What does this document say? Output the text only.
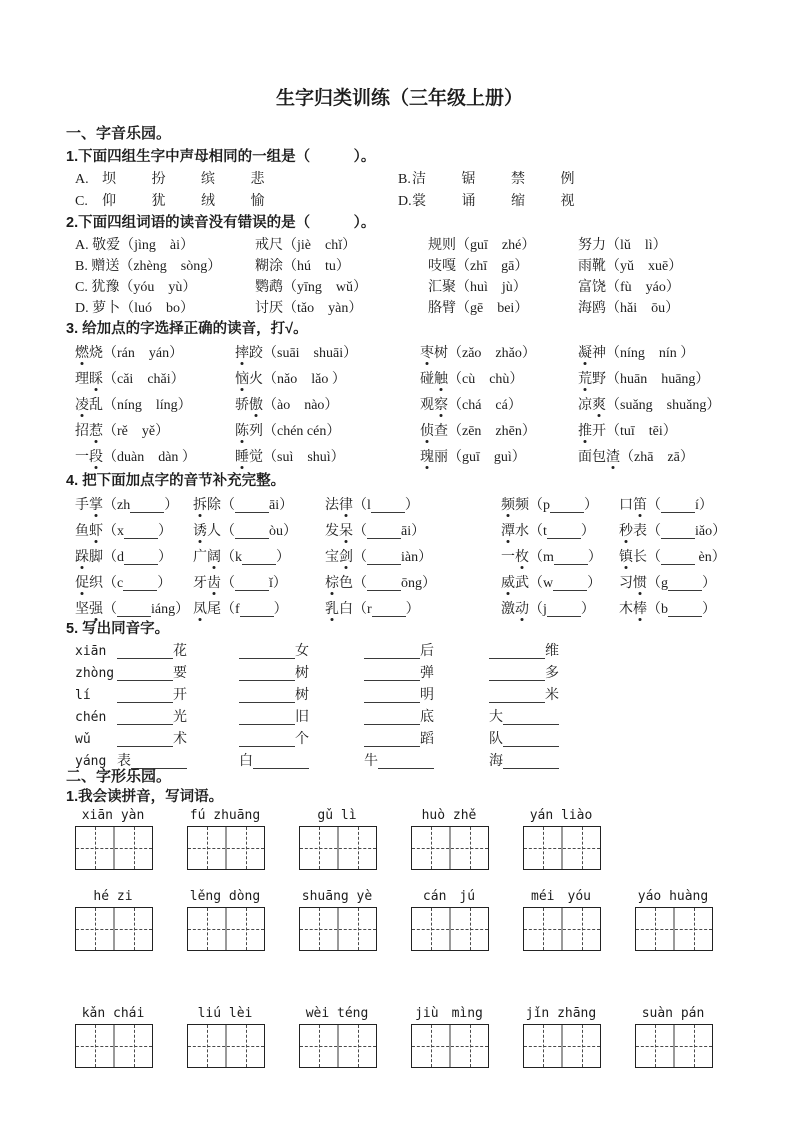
生字归类训练（三年级上册）
一、字音乐园。
1.下面四组生字中声母相同的一组是（　　　）。
A. 坝 扮 缤 悲	B. 洁 锯 禁 例
C.	仰 犹 绒 愉	D. 裳 诵 缩 视
2.下面四组词语的读音没有错误的是（　　　）。
A. 敬爱（jìng　ài）	戒尺（jiè　chǐ）	规则（guī　zhé）	努力（lǔ　lì）
B. 赠送（zhèng　sòng）	糊涂（hú　tu）	吱嘎（zhī　gā）	雨靴（yǔ　xuē）
C. 犹豫（yóu　yù）	鹦鹉（yīng　wǔ）	汇聚（huì　jù）	富饶（fù　yáo）
D. 萝卜（luó　bo）	讨厌（tǎo　yàn）	胳臂（gē　bei）	海鸥（hǎi　ōu）
3. 给加点的字选择正确的读音，打√。
燃烧（rán　yán）	摔跤（suāi　shuāi）	枣树（zǎo　zhǎo）	凝神（níng　nín ）
理睬（cǎi　chǎi）	恼火（nǎo　lǎo ）	碰触（cù　chù）	荒野（huān　huāng）
凌乱（níng　líng）	骄傲（ào　nào）	观察（chá　cá）	凉爽（suǎng　shuǎng）
招惹（rě　yě）	陈列（chén cén）	侦查（zēn　zhēn）	推开（tuī　tēi）
一段（duàn　dàn ）	睡觉（suì　shuì）	瑰丽（guī　guì）	面包渣（zhā　zā）
4. 把下面加点字的音节补充完整。
手掌（zh ）	拆除（ āi）	法律（l ）	频频（p ）	口笛（ í）
鱼虾（x ）	诱人（ òu）	发呆（ āi）	潭水（t ）	秒表（ iǎo）
跺脚（d ）	广阔（k ）	宝剑（ iàn）	一枚（m ）	镇长（ èn）
促织（c ）	牙齿（ ǐ）	棕色（ ōng）	威武（w ）	习惯（g ）
坚强（ iáng） 凤尾（f ）	乳白（r ）	激动（j ）	木棒（b ）
5. 写出同音字。
xiān	花	女	后	维
zhòng	要	树	弹	多
lí	开	树	明	米
chén	光	旧	底	大
wǔ	术	个	蹈	队
yáng 表	白	牛	海
二、字形乐园。
1.我会读拼音，写词语。
xiān yàn	fú zhuāng	gǔ lì	huò zhě	yán liào
hé zi	lěng dòng	shuāng yè	cán　jú	méi　yóu	yáo huàng
kǎn chái	liú lèi	wèi téng	jiù　mìng	jǐn zhāng	suàn pán
